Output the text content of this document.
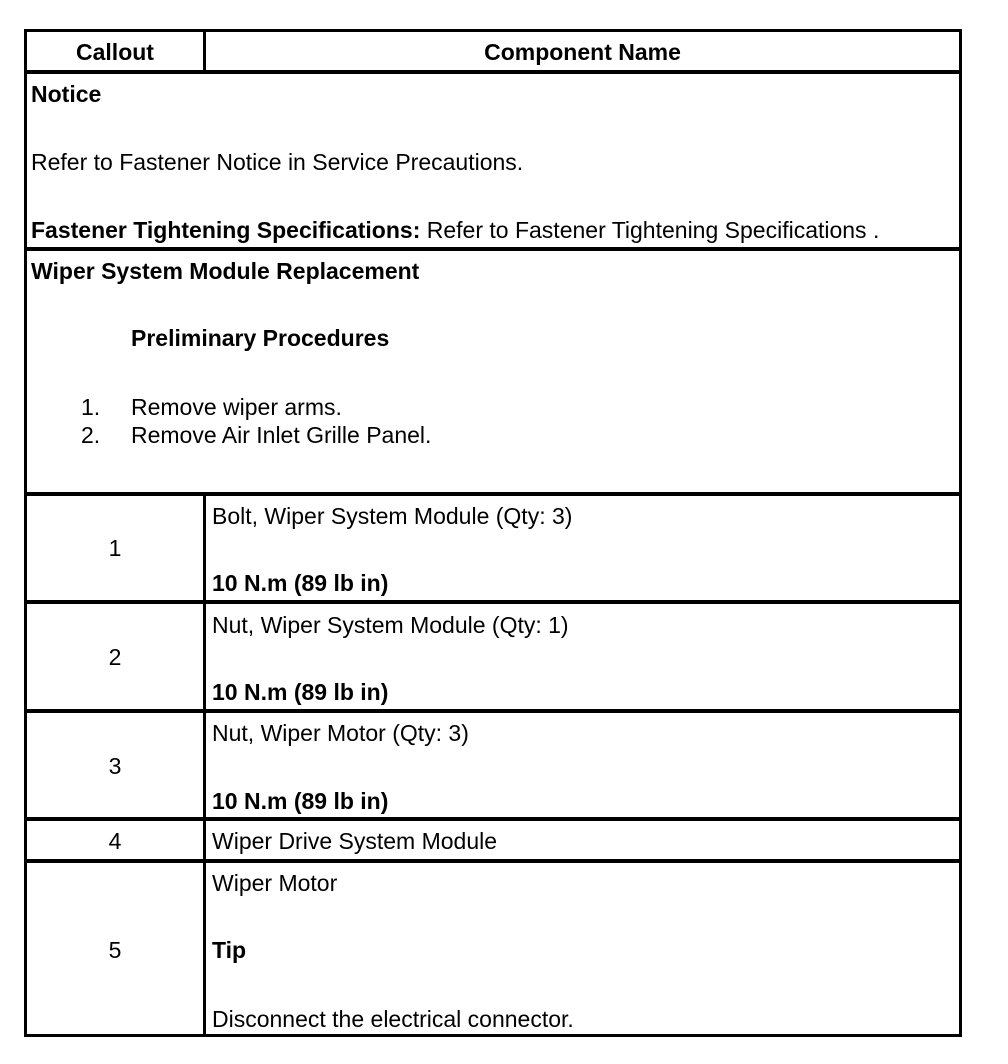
Callout	Component Name
Notice
Refer to Fastener Notice in Service Precautions.
Fastener Tightening Specifications: Refer to Fastener Tightening Specifications .
Wiper System Module Replacement
Preliminary Procedures
1. Remove wiper arms.
2. Remove Air Inlet Grille Panel.
1
Bolt, Wiper System Module (Qty: 3)
10 N.m (89 lb in)
2
Nut, Wiper System Module (Qty: 1)
10 N.m (89 lb in)
3
Nut, Wiper Motor (Qty: 3)
10 N.m (89 lb in)
4	Wiper Drive System Module
5
Wiper Motor
Tip
Disconnect the electrical connector.
